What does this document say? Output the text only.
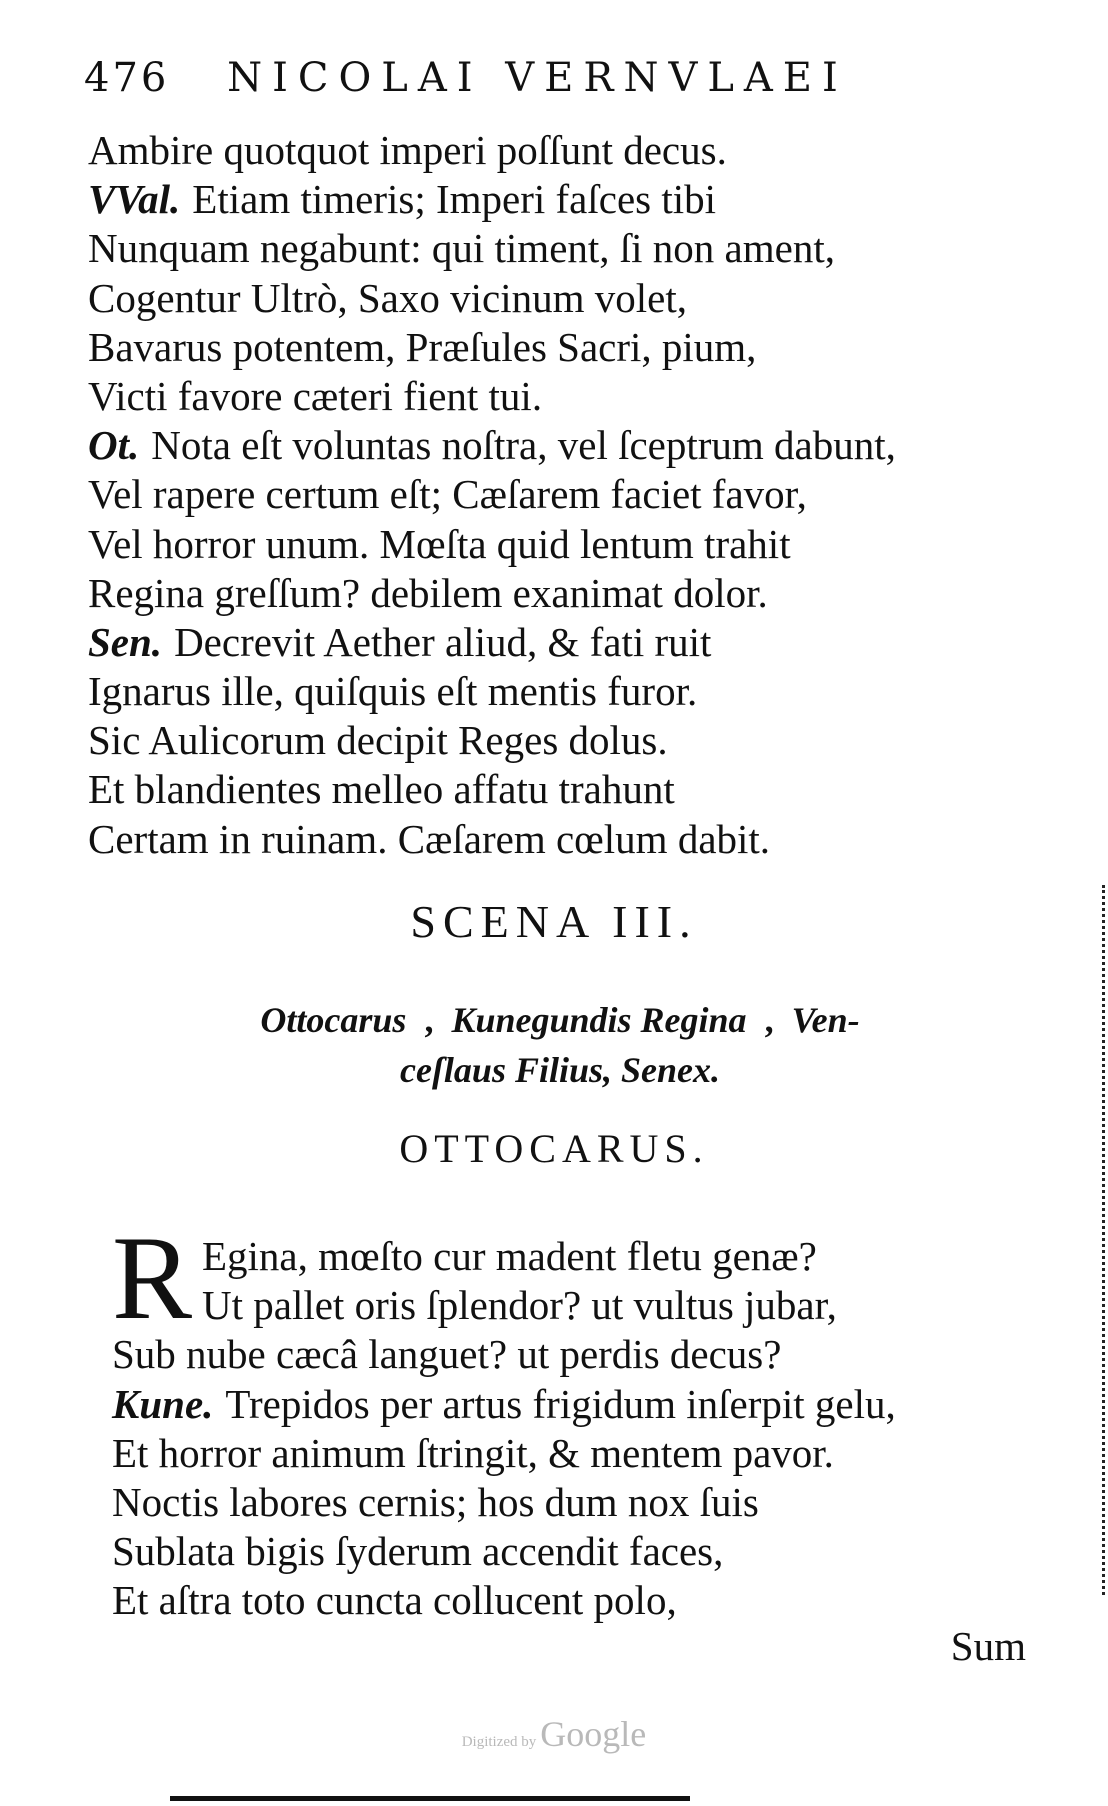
476 NICOLAI VERNVLAEI
Ambire quotquot imperi poſſunt decus.
VVal. Etiam timeris; Imperi faſces tibi
Nunquam negabunt: qui timent, ſi non ament,
Cogentur Ultrò, Saxo vicinum volet,
Bavarus potentem, Præſules Sacri, pium,
Victi favore cæteri fient tui.
Ot. Nota eſt voluntas noſtra, vel ſceptrum dabunt,
Vel rapere certum eſt; Cæſarem faciet favor,
Vel horror unum. Mœſta quid lentum trahit
Regina greſſum? debilem exanimat dolor.
Sen. Decrevit Aether aliud, & fati ruit
Ignarus ille, quiſquis eſt mentis furor.
Sic Aulicorum decipit Reges dolus.
Et blandientes melleo affatu trahunt
Certam in ruinam. Cæſarem cœlum dabit.
SCENA III.
Ottocarus , Kunegundis Regina , Ven-
ceſlaus Filius, Senex.
OTTOCARUS.
R Egina, mœſto cur madent fletu genæ?
Ut pallet oris ſplendor? ut vultus jubar,
Sub nube cæcâ languet? ut perdis decus?
Kune. Trepidos per artus frigidum inſerpit gelu,
Et horror animum ſtringit, & mentem pavor.
Noctis labores cernis; hos dum nox ſuis
Sublata bigis ſyderum accendit faces,
Et aſtra toto cuncta collucent polo,
Sum
Digitized by Google
